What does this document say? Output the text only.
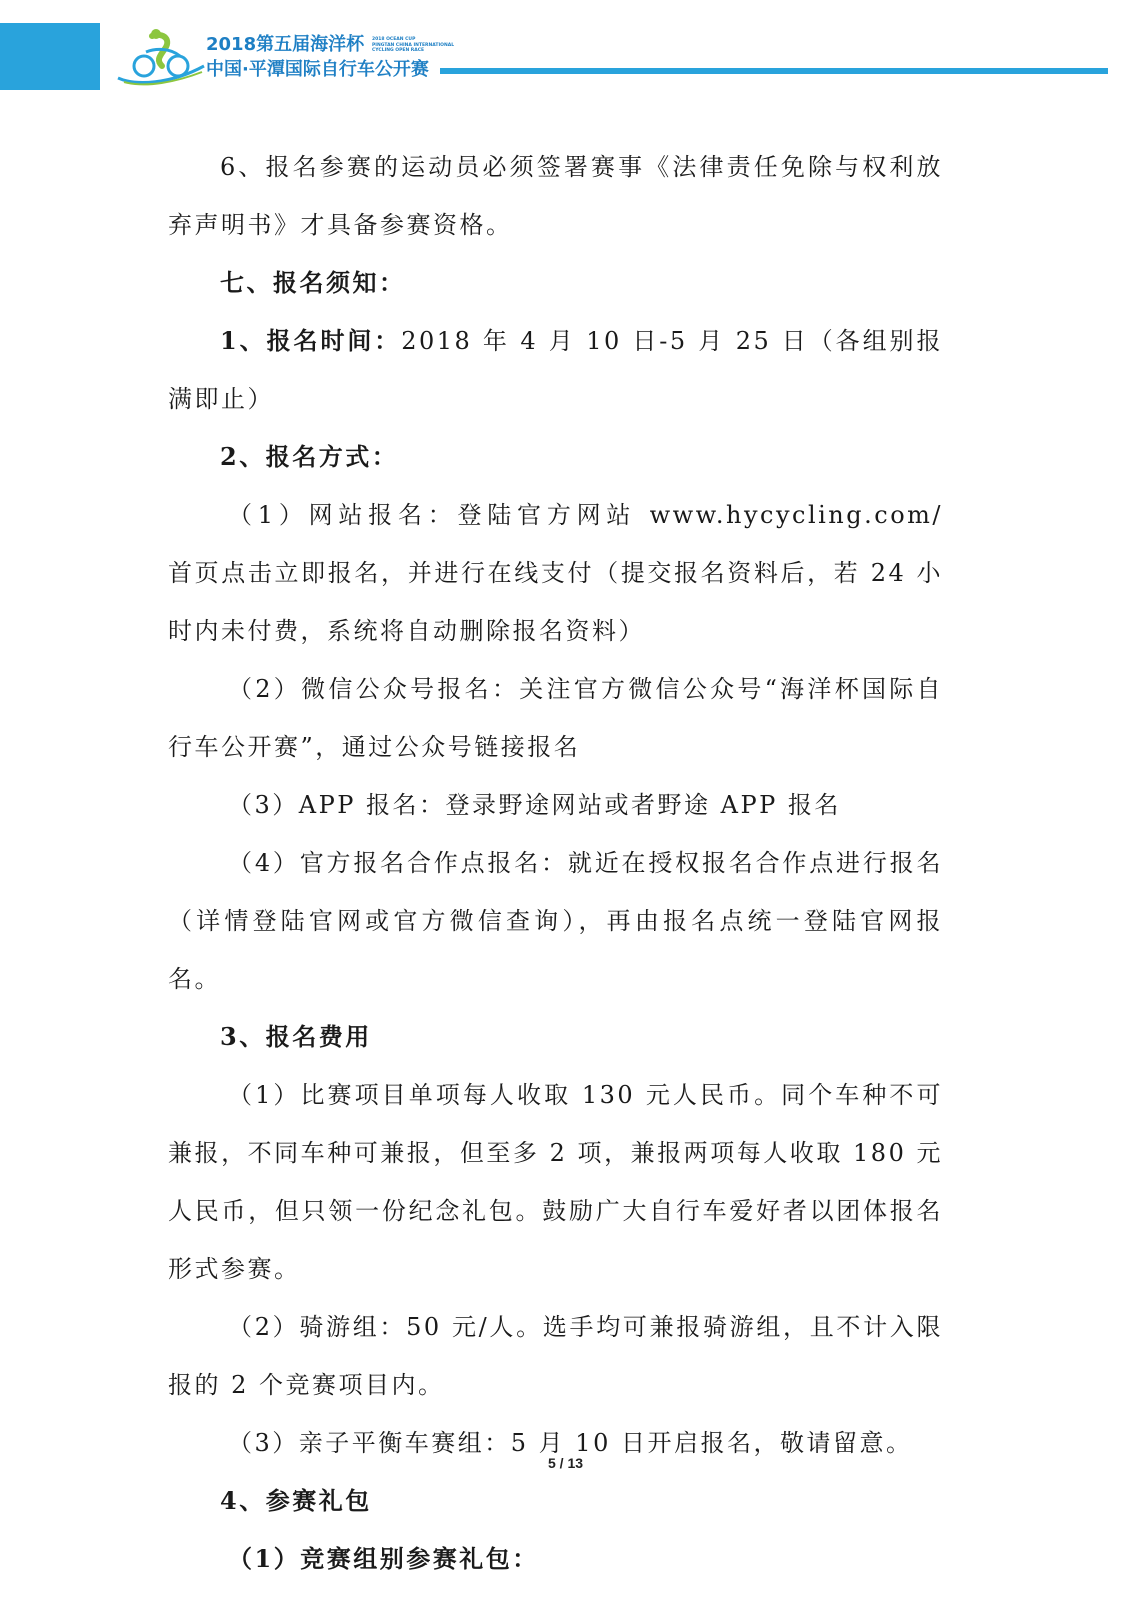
2018第五届海洋杯
中国·平潭国际自行车公开赛
2018 OCEAN CUP
PINGTAN CHINA INTERNATIONAL
CYCLING OPEN RACE

6、报名参赛的运动员必须签署赛事《法律责任免除与权利放弃声明书》才具备参赛资格。

七、报名须知：

1、报名时间：2018 年 4 月 10 日-5 月 25 日（各组别报满即止）

2、报名方式：

（1）网站报名：登陆官方网站 www.hycycling.com/　首页点击立即报名，并进行在线支付（提交报名资料后，若 24 小时内未付费，系统将自动删除报名资料）

（2）微信公众号报名：关注官方微信公众号“海洋杯国际自行车公开赛”，通过公众号链接报名

（3）APP 报名：登录野途网站或者野途 APP 报名

（4）官方报名合作点报名：就近在授权报名合作点进行报名（详情登陆官网或官方微信查询），再由报名点统一登陆官网报名。

3、报名费用

（1）比赛项目单项每人收取 130 元人民币。同个车种不可兼报，不同车种可兼报，但至多 2 项，兼报两项每人收取 180 元人民币，但只领一份纪念礼包。鼓励广大自行车爱好者以团体报名形式参赛。

（2）骑游组：50 元/人。选手均可兼报骑游组，且不计入限报的 2 个竞赛项目内。

（3）亲子平衡车赛组：5 月 10 日开启报名，敬请留意。

4、参赛礼包

（1）竞赛组别参赛礼包：

5 / 13
